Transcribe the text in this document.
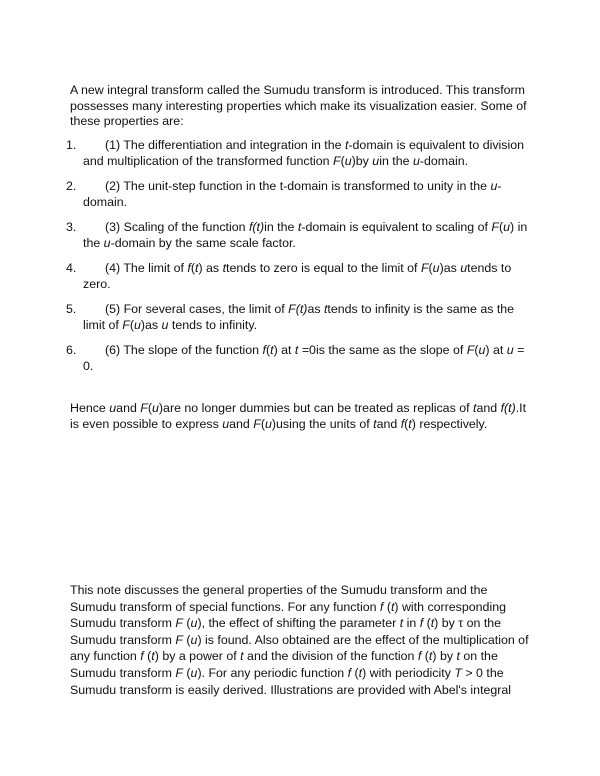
A new integral transform called the Sumudu transform is introduced. This transform possesses many interesting properties which make its visualization easier. Some of these properties are:

1.	(1) The differentiation and integration in the t-domain is equivalent to division and multiplication of the transformed function F(u)by uin the u-domain.
2.	(2) The unit-step function in the t-domain is transformed to unity in the u-domain.
3.	(3) Scaling of the function f(t)in the t-domain is equivalent to scaling of F(u) in the u-domain by the same scale factor.
4.	(4) The limit of f(t) as ttends to zero is equal to the limit of F(u)as utends to zero.
5.	(5) For several cases, the limit of F(t)as ttends to infinity is the same as the limit of F(u)as u tends to infinity.
6.	(6) The slope of the function f(t) at t =0is the same as the slope of F(u) at u = 0.

Hence uand F(u)are no longer dummies but can be treated as replicas of tand f(t).It is even possible to express uand F(u)using the units of tand f(t) respectively.

This note discusses the general properties of the Sumudu transform and the Sumudu transform of special functions. For any function f (t) with corresponding Sumudu transform F (u), the effect of shifting the parameter t in f (t) by τ on the Sumudu transform F (u) is found. Also obtained are the effect of the multiplication of any function f (t) by a power of t and the division of the function f (t) by t on the Sumudu transform F (u). For any periodic function f (t) with periodicity T > 0 the Sumudu transform is easily derived. Illustrations are provided with Abel's integral
